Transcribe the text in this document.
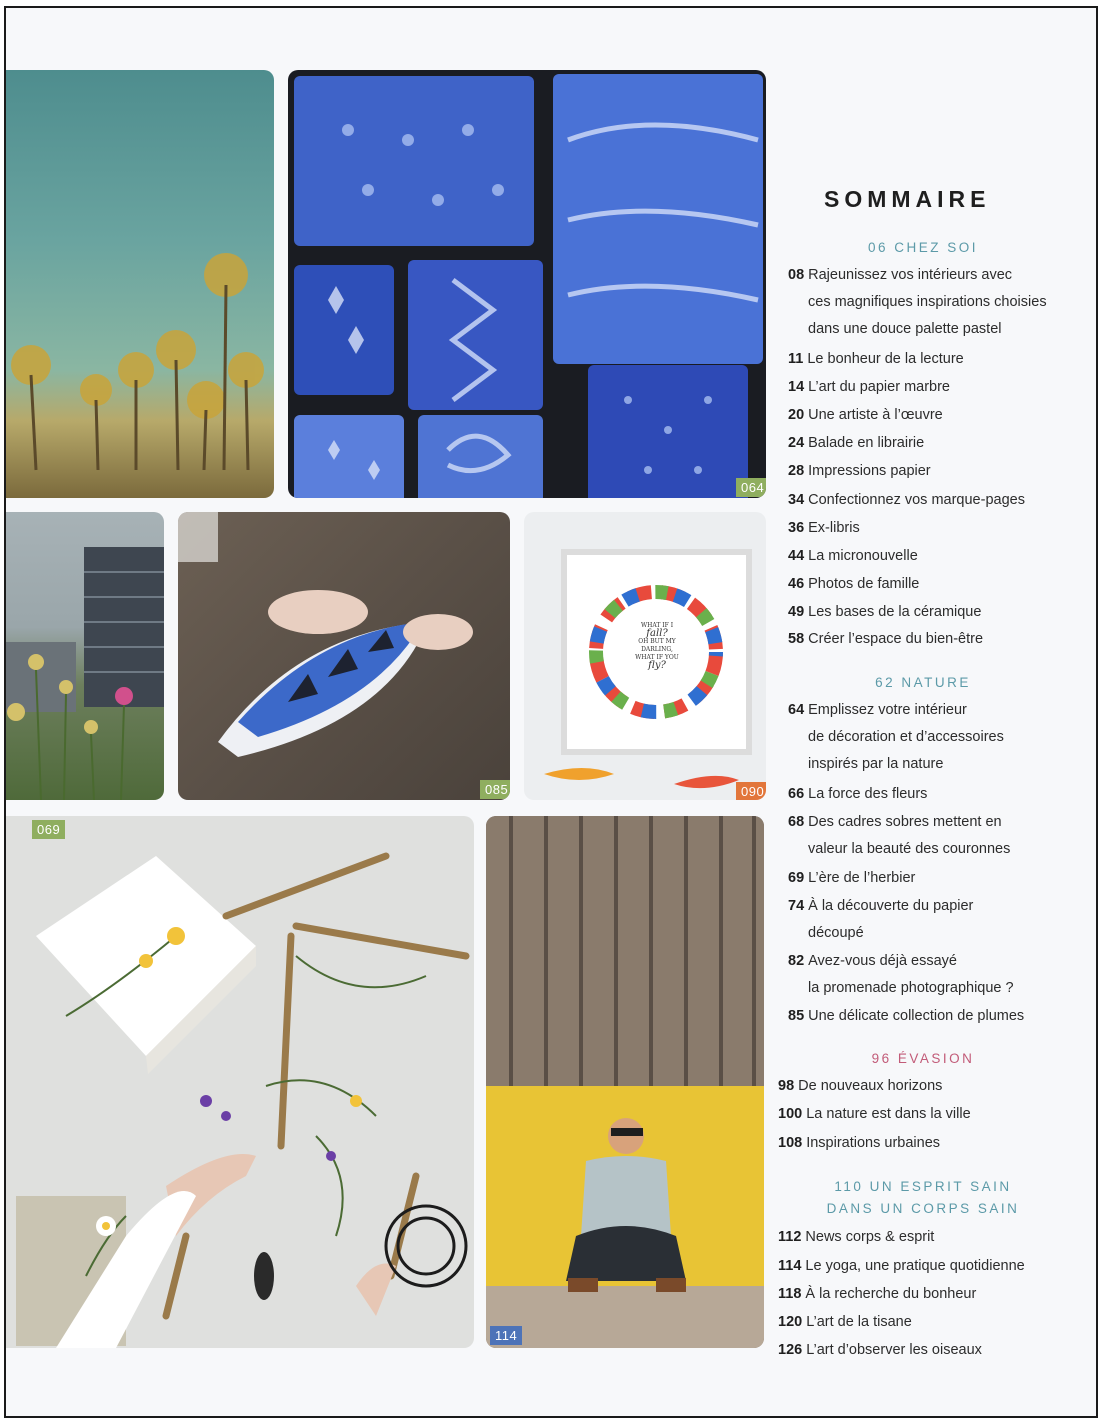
064
085
WHAT IF I
fall?
OH BUT MY DARLING,
WHAT IF YOU
fly?
090
069
114
SOMMAIRE
06 CHEZ SOI
08 Rajeunissez vos intérieurs avec
ces magnifiques inspirations choisies
dans une douce palette pastel
11 Le bonheur de la lecture
14 L’art du papier marbre
20 Une artiste à l’œuvre
24 Balade en librairie
28 Impressions papier
34 Confectionnez vos marque-pages
36 Ex-libris
44 La micronouvelle
46 Photos de famille
49 Les bases de la céramique
58 Créer l’espace du bien-être
62 NATURE
64 Emplissez votre intérieur
de décoration et d’accessoires
inspirés par la nature
66 La force des fleurs
68 Des cadres sobres mettent en
valeur la beauté des couronnes
69 L’ère de l’herbier
74 À la découverte du papier
découpé
82 Avez-vous déjà essayé
la promenade photographique ?
85 Une délicate collection de plumes
96 ÉVASION
98 De nouveaux horizons
100 La nature est dans la ville
108 Inspirations urbaines
110 UN ESPRIT SAIN
DANS UN CORPS SAIN
112 News corps & esprit
114 Le yoga, une pratique quotidienne
118 À la recherche du bonheur
120 L’art de la tisane
126 L’art d’observer les oiseaux
